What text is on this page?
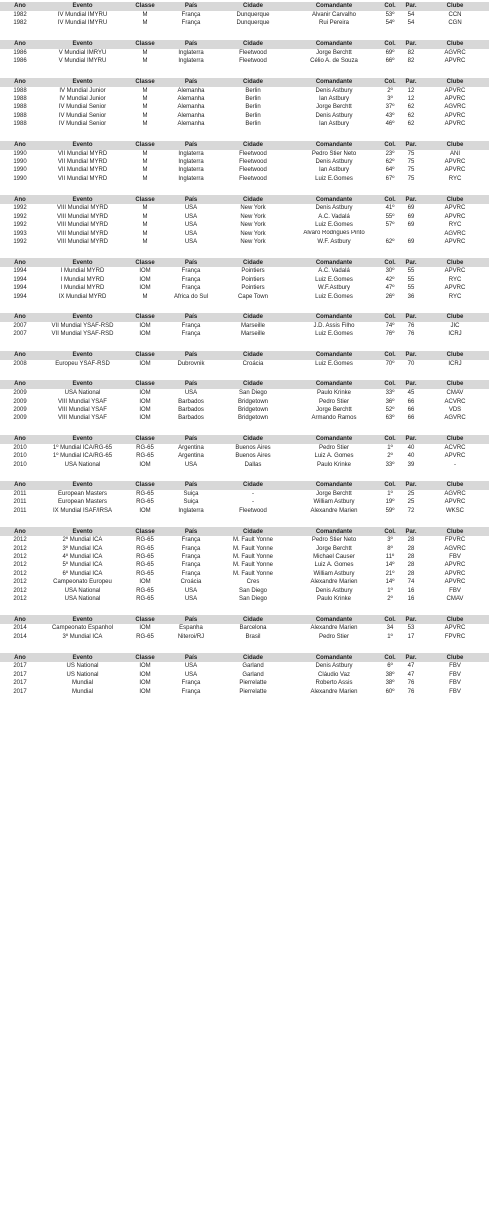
Ano	Evento	Classe	País	Cidade	Comandante	Col.	Par.	Clube
1982	IV Mundial IMYRU	M	França	Dunquerque	Alvanir Carvalho	53º	54	CCN
1982	IV Mundial IMYRU	M	França	Dunquerque	Rui Pereira	54º	54	CGN
Ano	Evento	Classe	País	Cidade	Comandante	Col.	Par.	Clube
1986	V Mundial IMRYU	M	Inglaterra	Fleetwood	Jorge Berchtt	69º	82	AGVRC
1986	V Mundial IMYRU	M	Inglaterra	Fleetwood	Célio A. de Souza	66º	82	APVRC
Ano	Evento	Classe	País	Cidade	Comandante	Col.	Par.	Clube
1988	IV Mundial Junior	M	Alemanha	Berlin	Denis Astbury	2º	12	APVRC
1988	IV Mundial Junior	M	Alemanha	Berlin	Ian Astbury	3º	12	APVRC
1988	IV Mundial Senior	M	Alemanha	Berlin	Jorge Berchtt	37º	62	AGVRC
1988	IV Mundial Senior	M	Alemanha	Berlin	Denis Astbury	43º	62	APVRC
1988	IV Mundial Senior	M	Alemanha	Berlin	Ian Astbury	46º	62	APVRC
Ano	Evento	Classe	País	Cidade	Comandante	Col.	Par.	Clube
1990	VII Mundial MYRD	M	Inglaterra	Fleetwood	Pedro Stier Neto	23º	75	ANI
1990	VII Mundial MYRD	M	Inglaterra	Fleetwood	Denis Astbury	62º	75	APVRC
1990	VII Mundial MYRD	M	Inglaterra	Fleetwood	Ian Astbury	64º	75	APVRC
1990	VII Mundial MYRD	M	Inglaterra	Fleetwood	Luiz E.Gomes	67º	75	RYC
Ano	Evento	Classe	País	Cidade	Comandante	Col.	Par.	Clube
1992	VIII Mundial MYRD	M	USA	New York	Denis Astbury	41º	69	APVRC
1992	VIII Mundial MYRD	M	USA	New York	A.C. Vadalá	55º	69	APVRC
1992	VIII Mundial MYRD	M	USA	New York	Luiz E.Gomes	57º	69	RYC
1993	VIII Mundial MYRD	M	USA	New York	Alvaro Rodrigues Pinto			AGVRC
1992	VIII Mundial MYRD	M	USA	New York	W.F. Astbury	62º	69	APVRC
Ano	Evento	Classe	País	Cidade	Comandante	Col.	Par.	Clube
1994	I Mundial MYRD	IOM	França	Pointiers	A.C. Vadalá	30º	55	APVRC
1994	I Mundial MYRD	IOM	França	Pointiers	Luiz E.Gomes	42º	55	RYC
1994	I Mundial MYRD	IOM	França	Pointiers	W.F.Astbury	47º	55	APVRC
1994	IX Mundial MYRD	M	África do Sul	Cape Town	Luiz E.Gomes	26º	36	RYC
Ano	Evento	Classe	País	Cidade	Comandante	Col.	Par.	Clube
2007	VII Mundial YSAF-RSD	IOM	França	Marseille	J.D. Assis Filho	74º	76	JIC
2007	VII Mundial YSAF-RSD	IOM	França	Marseille	Luiz E.Gomes	76º	76	ICRJ
Ano	Evento	Classe	País	Cidade	Comandante	Col.	Par.	Clube
2008	Europeu YSAF-RSD	IOM	Dubrovnik	Croácia	Luiz E.Gomes	70º	70	ICRJ
Ano	Evento	Classe	País	Cidade	Comandante	Col.	Par.	Clube
2009	USA National	IOM	USA	San Diego	Paulo Krinke	33º	45	CMAV
2009	VIII Mundial YSAF	IOM	Barbados	Bridgetown	Pedro Stier	36º	66	ACVRC
2009	VIII Mundial YSAF	IOM	Barbados	Bridgetown	Jorge Berchtt	52º	66	VDS
2009	VIII Mundial YSAF	IOM	Barbados	Bridgetown	Armando Ramos	63º	66	AGVRC
Ano	Evento	Classe	País	Cidade	Comandante	Col.	Par.	Clube
2010	1º Mundial ICA/RG-65	RG-65	Argentina	Buenos Aires	Pedro Stier	1º	40	ACVRC
2010	1º Mundial ICA/RG-65	RG-65	Argentina	Buenos Aires	Luiz A. Gomes	2º	40	APVRC
2010	USA National	IOM	USA	Dallas	Paulo Krinke	33º	39	-
Ano	Evento	Classe	País	Cidade	Comandante	Col.	Par.	Clube
2011	European Masters	RG-65	Suiça	-	Jorge Berchtt	1º	25	AGVRC
2011	European Masters	RG-65	Suiça	-	William Astbury	19º	25	APVRC
2011	IX Mundial ISAF/IRSA	IOM	Inglaterra	Fleetwood	Alexandre Marien	59º	72	WKSC
Ano	Evento	Classe	País	Cidade	Comandante	Col.	Par.	Clube
2012	2º Mundial ICA	RG-65	França	M. Fault Yonne	Pedro Stier Neto	3º	28	FPVRC
2012	3º Mundial ICA	RG-65	França	M. Fault Yonne	Jorge Berchtt	8º	28	AGVRC
2012	4º Mundial ICA	RG-65	França	M. Fault Yonne	Michael Causer	11º	28	FBV
2012	5º Mundial ICA	RG-65	França	M. Fault Yonne	Luiz A. Gomes	14º	28	APVRC
2012	6º Mundial ICA	RG-65	França	M. Fault Yonne	William Astbury	21º	28	APVRC
2012	Campeonato Europeu	IOM	Croácia	Cres	Alexandre Marien	14º	74	APVRC
2012	USA National	RG-65	USA	San Diego	Denis Astbury	1º	16	FBV
2012	USA National	RG-65	USA	San Diego	Paulo Krinke	2º	16	CMAV
Ano	Evento	Classe	País	Cidade	Comandante	Col.	Par.	Clube
2014	Campeonato Espanhol	IOM	Espanha	Barcelona	Alexandre Marien	34	53	APVRC
2014	3º Mundial ICA	RG-65	Niteroi/RJ	Brasil	Pedro Stier	1º	17	FPVRC
Ano	Evento	Classe	País	Cidade	Comandante	Col.	Par.	Clube
2017	US National	IOM	USA	Garland	Denis Astbury	6º	47	FBV
2017	US National	IOM	USA	Garland	Cláudio Vaz	38º	47	FBV
2017	Mundial	IOM	França	Pierrelatte	Roberto Assis	38º	76	FBV
2017	Mundial	IOM	França	Pierrelatte	Alexandre Marien	60º	76	FBV
